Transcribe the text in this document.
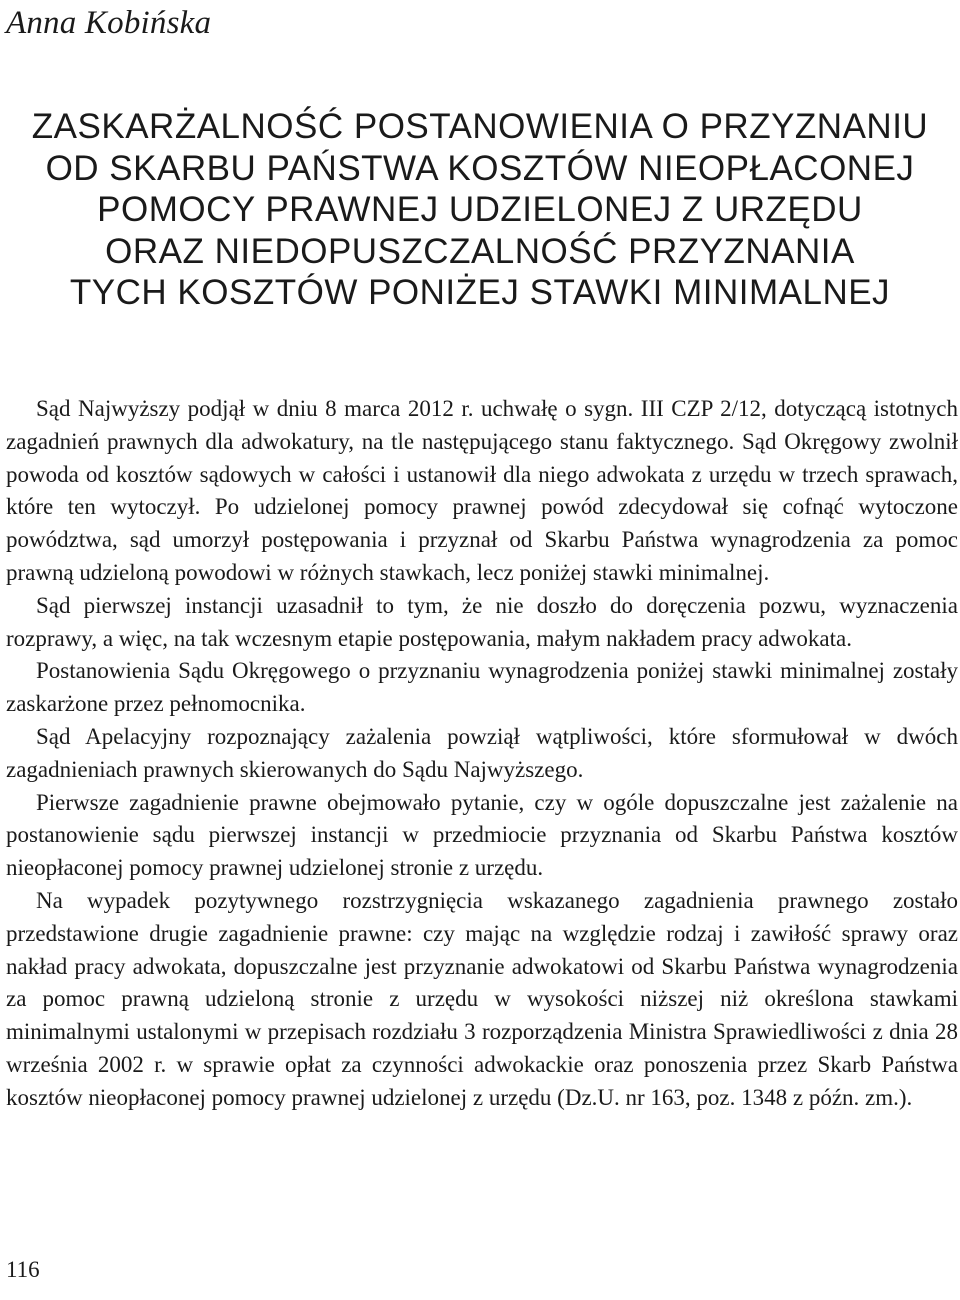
Anna Kobińska
ZASKARŻALNOŚĆ POSTANOWIENIA O PRZYZNANIU
OD SKARBU PAŃSTWA KOSZTÓW NIEOPŁACONEJ
POMOCY PRAWNEJ UDZIELONEJ Z URZĘDU
ORAZ NIEDOPUSZCZALNOŚĆ PRZYZNANIA
TYCH KOSZTÓW PONIŻEJ STAWKI MINIMALNEJ

Sąd Najwyższy podjął w dniu 8 marca 2012 r. uchwałę o sygn. III CZP 2/12, dotyczącą istotnych zagadnień prawnych dla adwokatury, na tle następującego stanu faktycznego. Sąd Okręgowy zwolnił powoda od kosztów sądowych w całości i ustanowił dla niego adwokata z urzędu w trzech sprawach, które ten wytoczył. Po udzielonej pomocy prawnej powód zdecydował się cofnąć wytoczone powództwa, sąd umorzył postępowania i przyznał od Skarbu Państwa wynagrodzenia za pomoc prawną udzieloną powodowi w różnych stawkach, lecz poniżej stawki minimalnej.

Sąd pierwszej instancji uzasadnił to tym, że nie doszło do doręczenia pozwu, wyznaczenia rozprawy, a więc, na tak wczesnym etapie postępowania, małym nakładem pracy adwokata.

Postanowienia Sądu Okręgowego o przyznaniu wynagrodzenia poniżej stawki minimalnej zostały zaskarżone przez pełnomocnika.

Sąd Apelacyjny rozpoznający zażalenia powziął wątpliwości, które sformułował w dwóch zagadnieniach prawnych skierowanych do Sądu Najwyższego.

Pierwsze zagadnienie prawne obejmowało pytanie, czy w ogóle dopuszczalne jest zażalenie na postanowienie sądu pierwszej instancji w przedmiocie przyznania od Skarbu Państwa kosztów nieopłaconej pomocy prawnej udzielonej stronie z urzędu.

Na wypadek pozytywnego rozstrzygnięcia wskazanego zagadnienia prawnego zostało przedstawione drugie zagadnienie prawne: czy mając na względzie rodzaj i zawiłość sprawy oraz nakład pracy adwokata, dopuszczalne jest przyznanie adwokatowi od Skarbu Państwa wynagrodzenia za pomoc prawną udzieloną stronie z urzędu w wysokości niższej niż określona stawkami minimalnymi ustalonymi w przepisach rozdziału 3 rozporządzenia Ministra Sprawiedliwości z dnia 28 września 2002 r. w sprawie opłat za czynności adwokackie oraz ponoszenia przez Skarb Państwa kosztów nieopłaconej pomocy prawnej udzielonej z urzędu (Dz.U. nr 163, poz. 1348 z późn. zm.).

116
